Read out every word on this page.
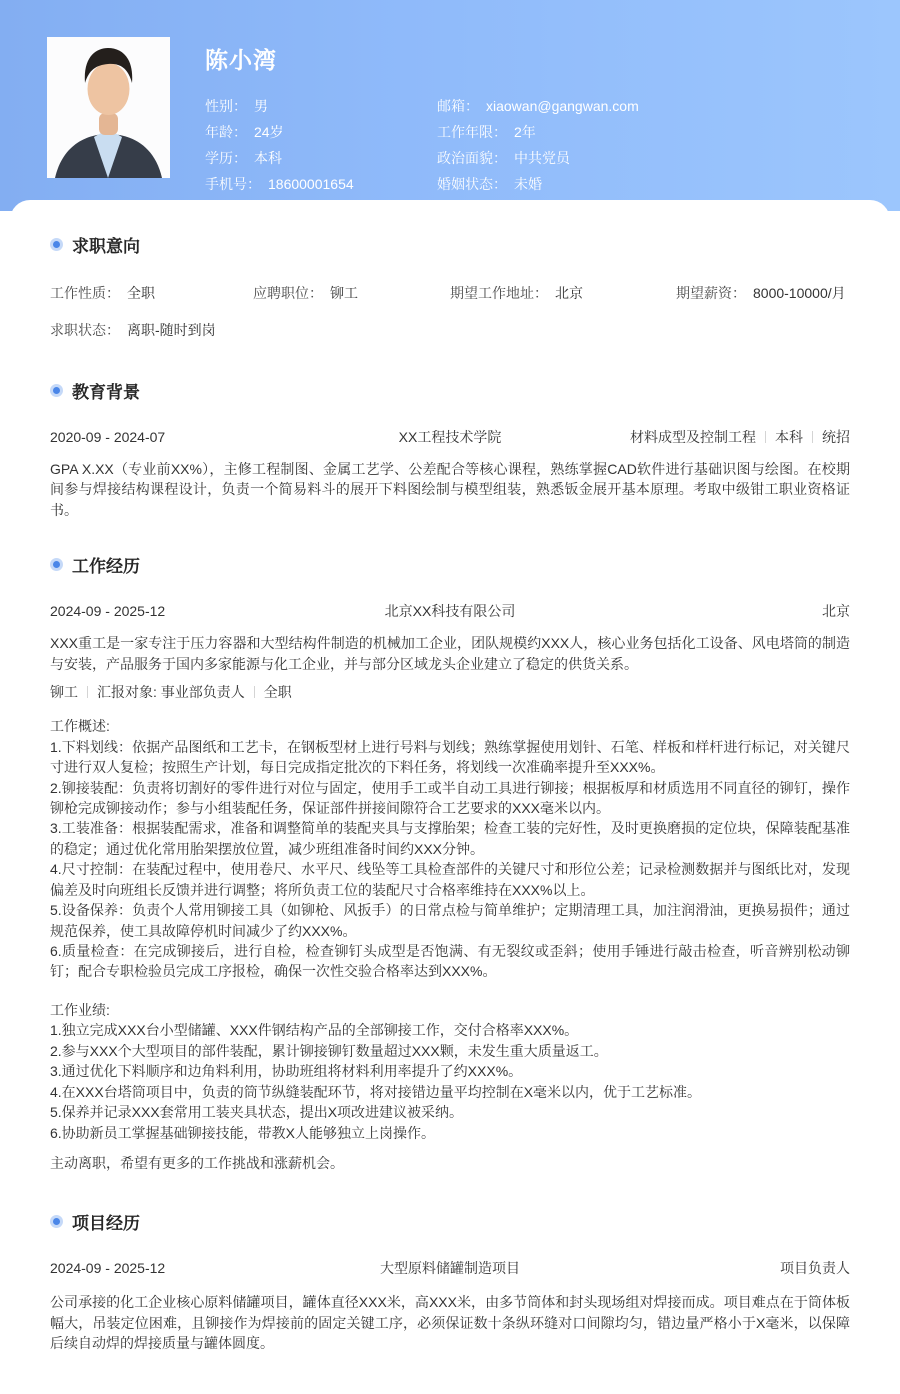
陈小湾
性别： 男	邮箱： xiaowan@gangwan.com
年龄： 24岁	工作年限： 2年
学历： 本科	政治面貌： 中共党员
手机号： 18600001654	婚姻状态： 未婚
求职意向
工作性质： 全职	应聘职位： 铆工	期望工作地址： 北京	期望薪资： 8000-10000/月
求职状态： 离职-随时到岗
教育背景
2020-09 - 2024-07	XX工程技术学院	材料成型及控制工程 本科 统招
GPA X.XX（专业前XX%），主修工程制图、金属工艺学、公差配合等核心课程，熟练掌握CAD软件进行基础识图与绘图。在校期间参与焊接结构课程设计，负责一个简易料斗的展开下料图绘制与模型组装，熟悉钣金展开基本原理。考取中级钳工职业资格证书。
工作经历
2024-09 - 2025-12	北京XX科技有限公司	北京
XXX重工是一家专注于压力容器和大型结构件制造的机械加工企业，团队规模约XXX人，核心业务包括化工设备、风电塔筒的制造与安装，产品服务于国内多家能源与化工企业，并与部分区域龙头企业建立了稳定的供货关系。
铆工 汇报对象: 事业部负责人 全职
工作概述:
1.下料划线：依据产品图纸和工艺卡，在钢板型材上进行号料与划线；熟练掌握使用划针、石笔、样板和样杆进行标记，对关键尺寸进行双人复检；按照生产计划，每日完成指定批次的下料任务，将划线一次准确率提升至XXX%。
2.铆接装配：负责将切割好的零件进行对位与固定，使用手工或半自动工具进行铆接；根据板厚和材质选用不同直径的铆钉，操作铆枪完成铆接动作；参与小组装配任务，保证部件拼接间隙符合工艺要求的XXX毫米以内。
3.工装准备：根据装配需求，准备和调整简单的装配夹具与支撑胎架；检查工装的完好性，及时更换磨损的定位块，保障装配基准的稳定；通过优化常用胎架摆放位置，减少班组准备时间约XXX分钟。
4.尺寸控制：在装配过程中，使用卷尺、水平尺、线坠等工具检查部件的关键尺寸和形位公差；记录检测数据并与图纸比对，发现偏差及时向班组长反馈并进行调整；将所负责工位的装配尺寸合格率维持在XXX%以上。
5.设备保养：负责个人常用铆接工具（如铆枪、风扳手）的日常点检与简单维护；定期清理工具，加注润滑油，更换易损件；通过规范保养，使工具故障停机时间减少了约XXX%。
6.质量检查：在完成铆接后，进行自检，检查铆钉头成型是否饱满、有无裂纹或歪斜；使用手锤进行敲击检查，听音辨别松动铆钉；配合专职检验员完成工序报检，确保一次性交验合格率达到XXX%。
工作业绩:
1.独立完成XXX台小型储罐、XXX件钢结构产品的全部铆接工作，交付合格率XXX%。
2.参与XXX个大型项目的部件装配，累计铆接铆钉数量超过XXX颗，未发生重大质量返工。
3.通过优化下料顺序和边角料利用，协助班组将材料利用率提升了约XXX%。
4.在XXX台塔筒项目中，负责的筒节纵缝装配环节，将对接错边量平均控制在X毫米以内，优于工艺标准。
5.保养并记录XXX套常用工装夹具状态，提出X项改进建议被采纳。
6.协助新员工掌握基础铆接技能，带教X人能够独立上岗操作。
主动离职，希望有更多的工作挑战和涨薪机会。
项目经历
2024-09 - 2025-12	大型原料储罐制造项目	项目负责人
公司承接的化工企业核心原料储罐项目，罐体直径XXX米，高XXX米，由多节筒体和封头现场组对焊接而成。项目难点在于筒体板幅大，吊装定位困难，且铆接作为焊接前的固定关键工序，必须保证数十条纵环缝对口间隙均匀，错边量严格小于X毫米，以保障后续自动焊的焊接质量与罐体圆度。
